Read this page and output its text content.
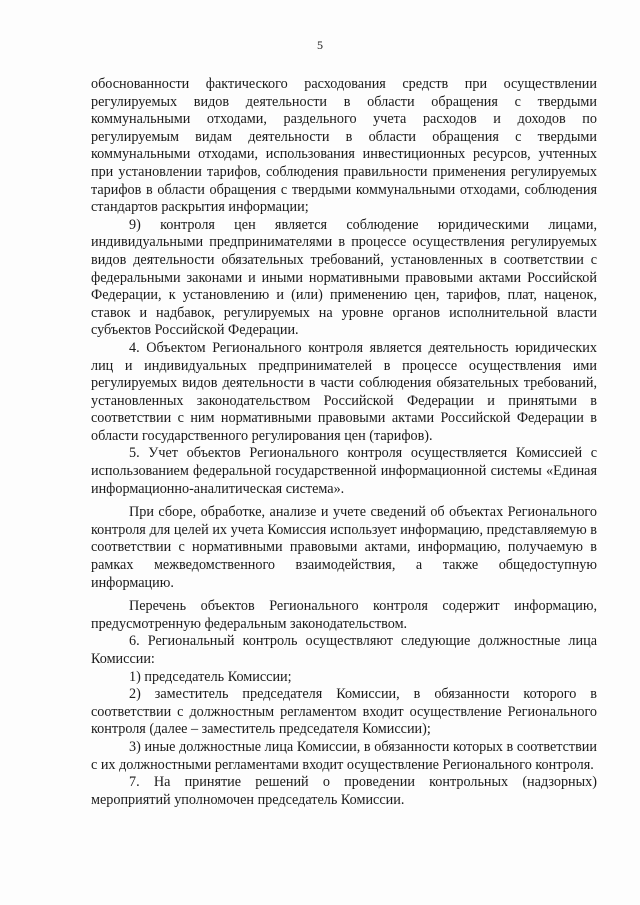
5

обоснованности фактического расходования средств при осуществлении регулируемых видов деятельности в области обращения с твердыми коммунальными отходами, раздельного учета расходов и доходов по регулируемым видам деятельности в области обращения с твердыми коммунальными отходами, использования инвестиционных ресурсов, учтенных при установлении тарифов, соблюдения правильности применения регулируемых тарифов в области обращения с твердыми коммунальными отходами, соблюдения стандартов раскрытия информации;

9) контроля цен является соблюдение юридическими лицами, индивидуальными предпринимателями в процессе осуществления регулируемых видов деятельности обязательных требований, установленных в соответствии с федеральными законами и иными нормативными правовыми актами Российской Федерации, к установлению и (или) применению цен, тарифов, плат, наценок, ставок и надбавок, регулируемых на уровне органов исполнительной власти субъектов Российской Федерации.

4. Объектом Регионального контроля является деятельность юридических лиц и индивидуальных предпринимателей в процессе осуществления ими регулируемых видов деятельности в части соблюдения обязательных требований, установленных законодательством Российской Федерации и принятыми в соответствии с ним нормативными правовыми актами Российской Федерации в области государственного регулирования цен (тарифов).

5. Учет объектов Регионального контроля осуществляется Комиссией с использованием федеральной государственной информационной системы «Единая информационно-аналитическая система».

При сборе, обработке, анализе и учете сведений об объектах Регионального контроля для целей их учета Комиссия использует информацию, представляемую в соответствии с нормативными правовыми актами, информацию, получаемую в рамках межведомственного взаимодействия, а также общедоступную информацию.

Перечень объектов Регионального контроля содержит информацию, предусмотренную федеральным законодательством.

6. Региональный контроль осуществляют следующие должностные лица Комиссии:

1) председатель Комиссии;

2) заместитель председателя Комиссии, в обязанности которого в соответствии с должностным регламентом входит осуществление Регионального контроля (далее – заместитель председателя Комиссии);

3) иные должностные лица Комиссии, в обязанности которых в соответствии с их должностными регламентами входит осуществление Регионального контроля.

7. На принятие решений о проведении контрольных (надзорных) мероприятий уполномочен председатель Комиссии.
